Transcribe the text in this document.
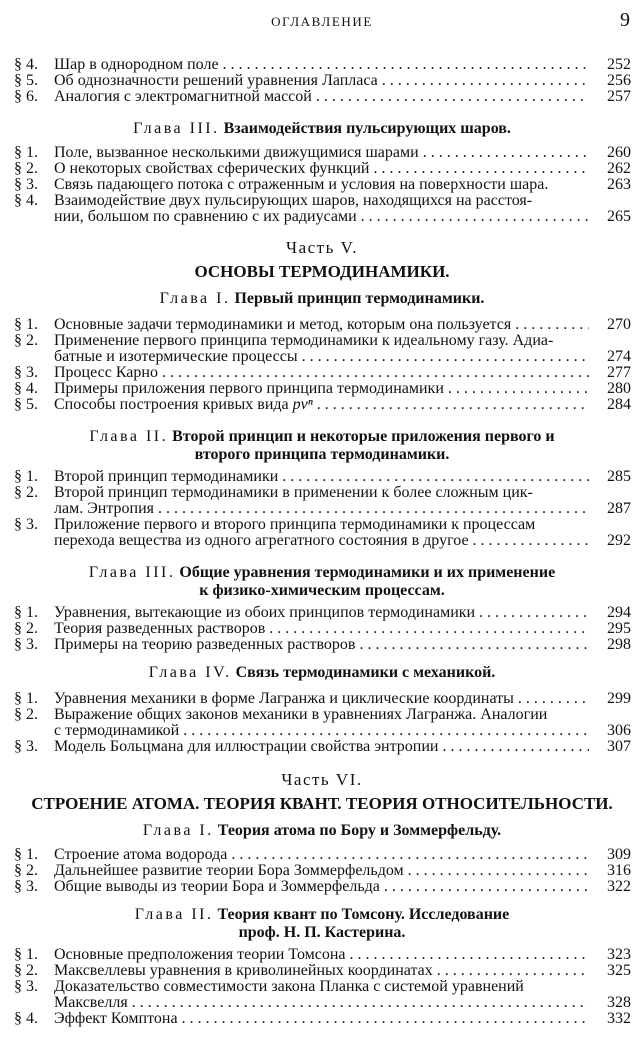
ОГЛАВЛЕНИЕ	9
§ 4. Шар в однородном поле . . .	252
§ 5. Об однозначности решений уравнения Лапласа . . .	256
§ 6. Аналогия с электромагнитной массой . . .	257
Глава III. Взаимодействия пульсирующих шаров.
§ 1. Поле, вызванное несколькими движущимися шарами . . .	260
§ 2. О некоторых свойствах сферических функций . . .	262
§ 3. Связь падающего потока с отраженным и условия на поверхности шара.	263
§ 4. Взаимодействие двух пульсирующих шаров, находящихся на расстоя-
нии, большом по сравнению с их радиусами . . .	265
Часть V.
ОСНОВЫ ТЕРМОДИНАМИКИ.
Глава I. Первый принцип термодинамики.
§ 1. Основные задачи термодинамики и метод, которым она пользуется . . .	270
§ 2. Применение первого принципа термодинамики к идеальному газу. Адиа-
батные и изотермические процессы . . .	274
§ 3. Процесс Карно . . .	277
§ 4. Примеры приложения первого принципа термодинамики . . .	280
§ 5. Способы построения кривых вида pvⁿ . . .	284
Глава II. Второй принцип и некоторые приложения первого и
второго принципа термодинамики.
§ 1. Второй принцип термодинамики . . .	285
§ 2. Второй принцип термодинамики в применении к более сложным цик-
лам. Энтропия . . .	287
§ 3. Приложение первого и второго принципа термодинамики к процессам
перехода вещества из одного агрегатного состояния в другое . . .	292
Глава III. Общие уравнения термодинамики и их применение
к физико-химическим процессам.
§ 1. Уравнения, вытекающие из обоих принципов термодинамики . . .	294
§ 2. Теория разведенных растворов . . .	295
§ 3. Примеры на теорию разведенных растворов . . .	298
Глава IV. Связь термодинамики с механикой.
§ 1. Уравнения механики в форме Лагранжа и циклические координаты . . .	299
§ 2. Выражение общих законов механики в уравнениях Лагранжа. Аналогии
с термодинамикой . . .	306
§ 3. Модель Больцмана для иллюстрации свойства энтропии . . .	307
Часть VI.
СТРОЕНИЕ АТОМА. ТЕОРИЯ КВАНТ. ТЕОРИЯ ОТНОСИТЕЛЬНОСТИ.
Глава I. Теория атома по Бору и Зоммерфельду.
§ 1. Строение атома водорода . . .	309
§ 2. Дальнейшее развитие теории Бора Зоммерфельдом . . .	316
§ 3. Общие выводы из теории Бора и Зоммерфельда . . .	322
Глава II. Теория квант по Томсону. Исследование
проф. Н. П. Кастерина.
§ 1. Основные предположения теории Томсона . . .	323
§ 2. Максвеллевы уравнения в криволинейных координатах . . .	325
§ 3. Доказательство совместимости закона Планка с системой уравнений
Максвелля . . .	328
§ 4. Эффект Комптона . . .	332
